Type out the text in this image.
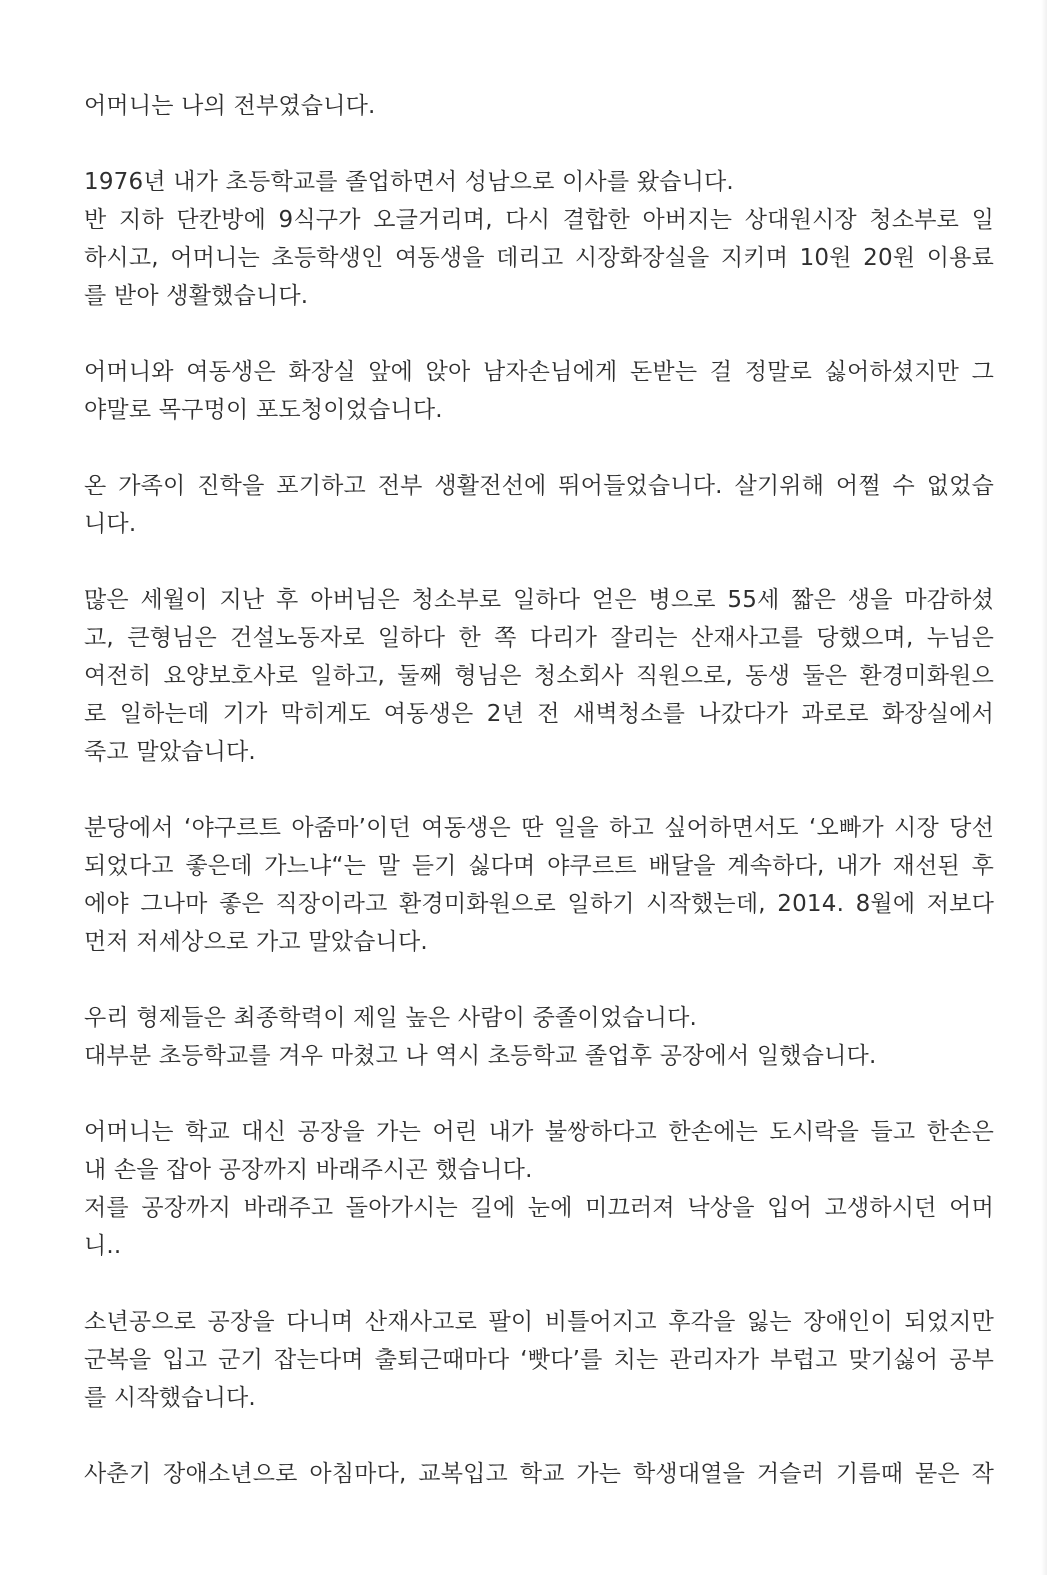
어머니는 나의 전부였습니다.
1976년 내가 초등학교를 졸업하면서 성남으로 이사를 왔습니다.
반 지하 단칸방에 9식구가 오글거리며, 다시 결합한 아버지는 상대원시장 청소부로 일
하시고, 어머니는 초등학생인 여동생을 데리고 시장화장실을 지키며 10원 20원 이용료
를 받아 생활했습니다.
어머니와 여동생은 화장실 앞에 앉아 남자손님에게 돈받는 걸 정말로 싫어하셨지만 그
야말로 목구멍이 포도청이었습니다.
온 가족이 진학을 포기하고 전부 생활전선에 뛰어들었습니다. 살기위해 어쩔 수 없었습
니다.
많은 세월이 지난 후 아버님은 청소부로 일하다 얻은 병으로 55세 짧은 생을 마감하셨
고, 큰형님은 건설노동자로 일하다 한 쪽 다리가 잘리는 산재사고를 당했으며, 누님은
여전히 요양보호사로 일하고, 둘째 형님은 청소회사 직원으로, 동생 둘은 환경미화원으
로 일하는데 기가 막히게도 여동생은 2년 전 새벽청소를 나갔다가 과로로 화장실에서
죽고 말았습니다.
분당에서 ‘야구르트 아줌마’이던 여동생은 딴 일을 하고 싶어하면서도 ‘오빠가 시장 당선
되었다고 좋은데 가느냐“는 말 듣기 싫다며 야쿠르트 배달을 계속하다, 내가 재선된 후
에야 그나마 좋은 직장이라고 환경미화원으로 일하기 시작했는데, 2014. 8월에 저보다
먼저 저세상으로 가고 말았습니다.
우리 형제들은 최종학력이 제일 높은 사람이 중졸이었습니다.
대부분 초등학교를 겨우 마쳤고 나 역시 초등학교 졸업후 공장에서 일했습니다.
어머니는 학교 대신 공장을 가는 어린 내가 불쌍하다고 한손에는 도시락을 들고 한손은
내 손을 잡아 공장까지 바래주시곤 했습니다.
저를 공장까지 바래주고 돌아가시는 길에 눈에 미끄러져 낙상을 입어 고생하시던 어머
니..
소년공으로 공장을 다니며 산재사고로 팔이 비틀어지고 후각을 잃는 장애인이 되었지만
군복을 입고 군기 잡는다며 출퇴근때마다 ‘빳다’를 치는 관리자가 부럽고 맞기싫어 공부
를 시작했습니다.
사춘기 장애소년으로 아침마다, 교복입고 학교 가는 학생대열을 거슬러 기름때 묻은 작
